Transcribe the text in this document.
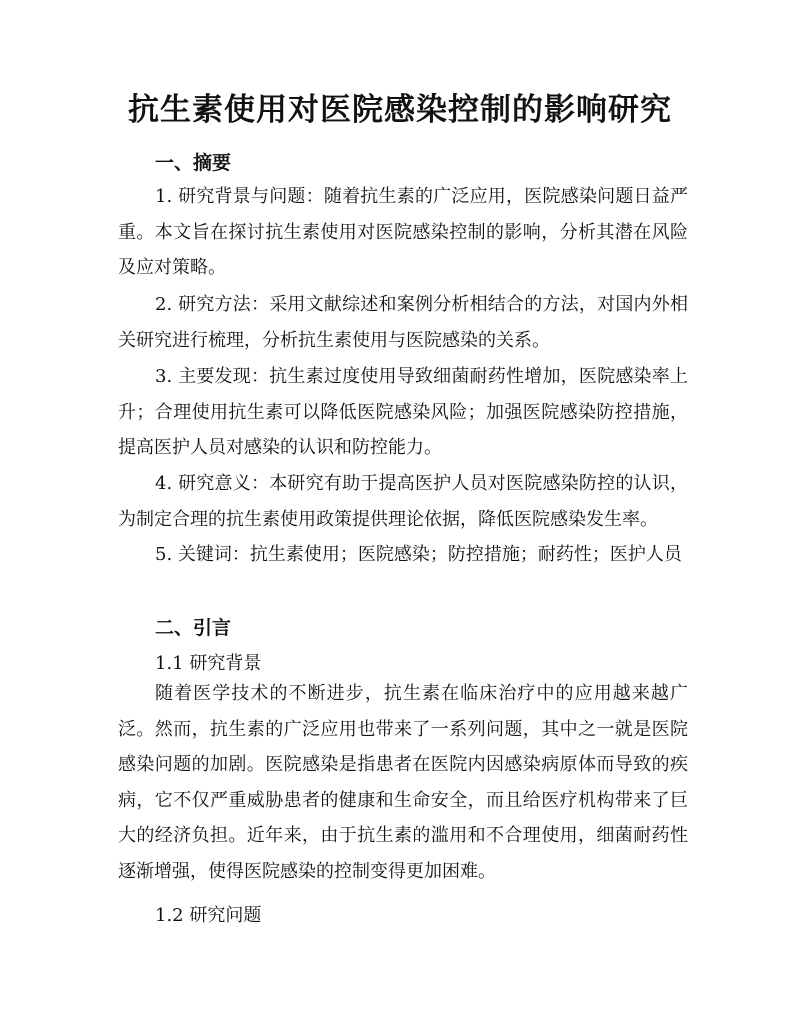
抗生素使用对医院感染控制的影响研究

一、摘要

1. 研究背景与问题：随着抗生素的广泛应用，医院感染问题日益严重。本文旨在探讨抗生素使用对医院感染控制的影响，分析其潜在风险及应对策略。

2. 研究方法：采用文献综述和案例分析相结合的方法，对国内外相关研究进行梳理，分析抗生素使用与医院感染的关系。

3. 主要发现：抗生素过度使用导致细菌耐药性增加，医院感染率上升；合理使用抗生素可以降低医院感染风险；加强医院感染防控措施，提高医护人员对感染的认识和防控能力。

4. 研究意义：本研究有助于提高医护人员对医院感染防控的认识，为制定合理的抗生素使用政策提供理论依据，降低医院感染发生率。

5. 关键词：抗生素使用；医院感染；防控措施；耐药性；医护人员

二、引言

1.1 研究背景

随着医学技术的不断进步，抗生素在临床治疗中的应用越来越广泛。然而，抗生素的广泛应用也带来了一系列问题，其中之一就是医院感染问题的加剧。医院感染是指患者在医院内因感染病原体而导致的疾病，它不仅严重威胁患者的健康和生命安全，而且给医疗机构带来了巨大的经济负担。近年来，由于抗生素的滥用和不合理使用，细菌耐药性逐渐增强，使得医院感染的控制变得更加困难。

1.2 研究问题
